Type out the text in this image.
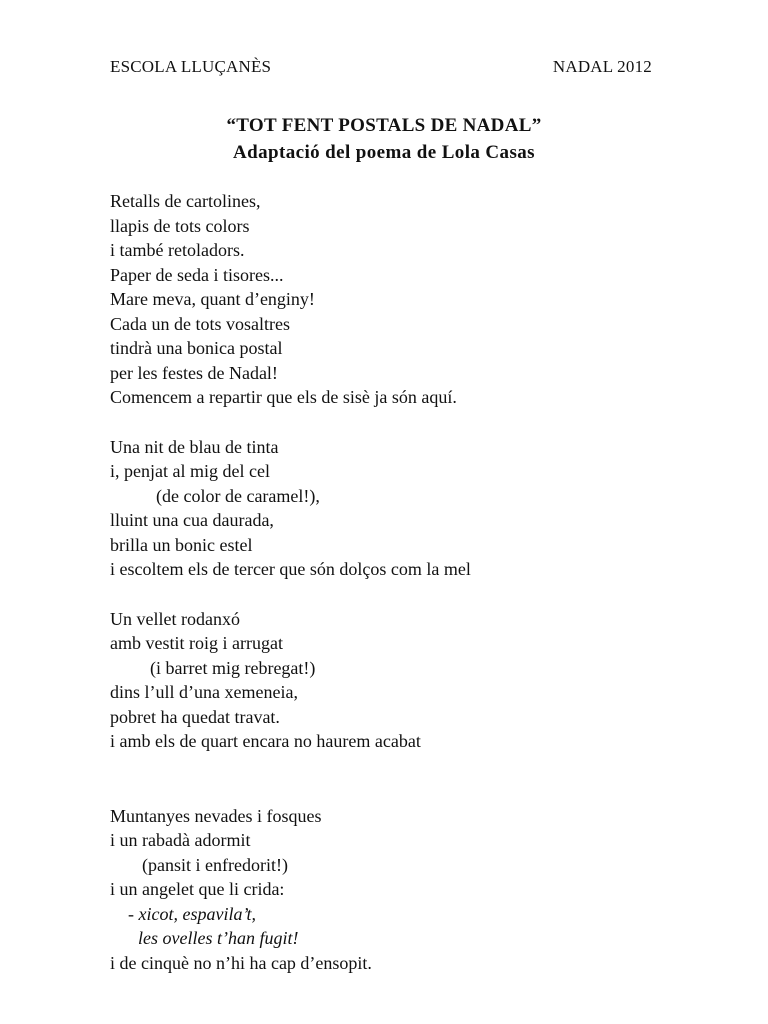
ESCOLA LLUÇANÈS	NADAL 2012
“TOT FENT POSTALS DE NADAL”
Adaptació del poema de Lola Casas
Retalls de cartolines,
llapis de tots colors
i també retoladors.
Paper de seda i tisores...
Mare meva, quant d’enginy!
Cada un de tots vosaltres
tindrà una bonica postal
per les festes de Nadal!
Comencem a repartir que els de sisè ja són aquí.
Una nit de blau de tinta
i, penjat al mig del cel
(de color de caramel!),
lluint una cua daurada,
brilla un bonic estel
i escoltem els de tercer que són dolços com la mel
Un vellet rodanxó
amb vestit roig i arrugat
(i barret mig rebregat!)
dins l’ull d’una xemeneia,
pobret ha quedat travat.
i amb els de quart encara no haurem acabat
Muntanyes nevades i fosques
i un rabadà adormit
(pansit i enfredorit!)
i un angelet que li crida:
- xicot, espavila’t,
les ovelles t’han fugit!
i de cinquè no n’hi ha cap d’ensopit.
